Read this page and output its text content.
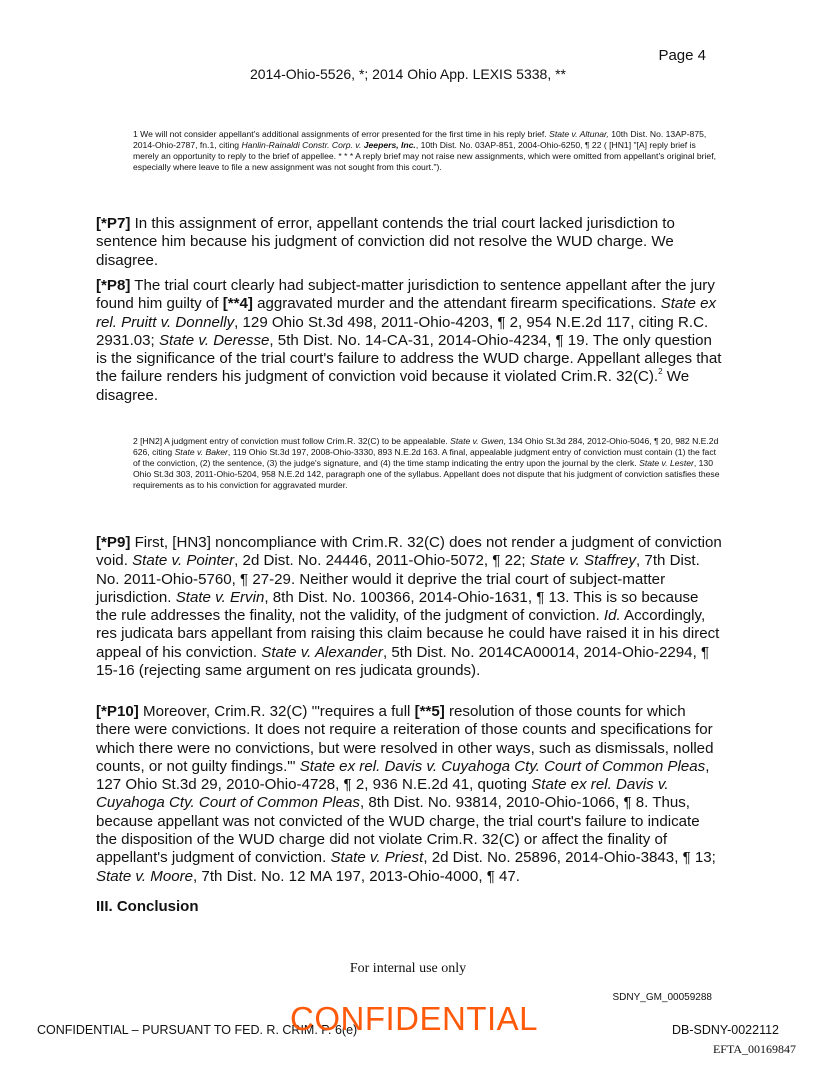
Page 4
2014-Ohio-5526, *; 2014 Ohio App. LEXIS 5338, **
1 We will not consider appellant's additional assignments of error presented for the first time in his reply brief. State v. Altunar, 10th Dist. No. 13AP-875, 2014-Ohio-2787, fn.1, citing Hanlin-Rainaldi Constr. Corp. v. Jeepers, Inc., 10th Dist. No. 03AP-851, 2004-Ohio-6250, ¶ 22 ( [HN1] "[A] reply brief is merely an opportunity to reply to the brief of appellee. * * * A reply brief may not raise new assignments, which were omitted from appellant's original brief, especially where leave to file a new assignment was not sought from this court.").
[*P7] In this assignment of error, appellant contends the trial court lacked jurisdiction to sentence him because his judgment of conviction did not resolve the WUD charge. We disagree.
[*P8] The trial court clearly had subject-matter jurisdiction to sentence appellant after the jury found him guilty of [**4] aggravated murder and the attendant firearm specifications. State ex rel. Pruitt v. Donnelly, 129 Ohio St.3d 498, 2011-Ohio-4203, ¶ 2, 954 N.E.2d 117, citing R.C. 2931.03; State v. Deresse, 5th Dist. No. 14-CA-31, 2014-Ohio-4234, ¶ 19. The only question is the significance of the trial court's failure to address the WUD charge. Appellant alleges that the failure renders his judgment of conviction void because it violated Crim.R. 32(C).$^2$ We disagree.
2 [HN2] A judgment entry of conviction must follow Crim.R. 32(C) to be appealable. State v. Gwen, 134 Ohio St.3d 284, 2012-Ohio-5046, ¶ 20, 982 N.E.2d 626, citing State v. Baker, 119 Ohio St.3d 197, 2008-Ohio-3330, 893 N.E.2d 163. A final, appealable judgment entry of conviction must contain (1) the fact of the conviction, (2) the sentence, (3) the judge's signature, and (4) the time stamp indicating the entry upon the journal by the clerk. State v. Lester, 130 Ohio St.3d 303, 2011-Ohio-5204, 958 N.E.2d 142, paragraph one of the syllabus. Appellant does not dispute that his judgment of conviction satisfies these requirements as to his conviction for aggravated murder.
[*P9] First, [HN3] noncompliance with Crim.R. 32(C) does not render a judgment of conviction void. State v. Pointer, 2d Dist. No. 24446, 2011-Ohio-5072, ¶ 22; State v. Staffrey, 7th Dist. No. 2011-Ohio-5760, ¶ 27-29. Neither would it deprive the trial court of subject-matter jurisdiction. State v. Ervin, 8th Dist. No. 100366, 2014-Ohio-1631, ¶ 13. This is so because the rule addresses the finality, not the validity, of the judgment of conviction. Id. Accordingly, res judicata bars appellant from raising this claim because he could have raised it in his direct appeal of his conviction. State v. Alexander, 5th Dist. No. 2014CA00014, 2014-Ohio-2294, ¶ 15-16 (rejecting same argument on res judicata grounds).
[*P10] Moreover, Crim.R. 32(C) '"requires a full [**5] resolution of those counts for which there were convictions. It does not require a reiteration of those counts and specifications for which there were no convictions, but were resolved in other ways, such as dismissals, nolled counts, or not guilty findings."' State ex rel. Davis v. Cuyahoga Cty. Court of Common Pleas, 127 Ohio St.3d 29, 2010-Ohio-4728, ¶ 2, 936 N.E.2d 41, quoting State ex rel. Davis v. Cuyahoga Cty. Court of Common Pleas, 8th Dist. No. 93814, 2010-Ohio-1066, ¶ 8. Thus, because appellant was not convicted of the WUD charge, the trial court's failure to indicate the disposition of the WUD charge did not violate Crim.R. 32(C) or affect the finality of appellant's judgment of conviction. State v. Priest, 2d Dist. No. 25896, 2014-Ohio-3843, ¶ 13; State v. Moore, 7th Dist. No. 12 MA 197, 2013-Ohio-4000, ¶ 47.
III. Conclusion
For internal use only
SDNY_GM_00059288
CONFIDENTIAL – PURSUANT TO FED. R. CRIM. P. 6(e)
CONFIDENTIAL	DB-SDNY-0022112
EFTA_00169847
